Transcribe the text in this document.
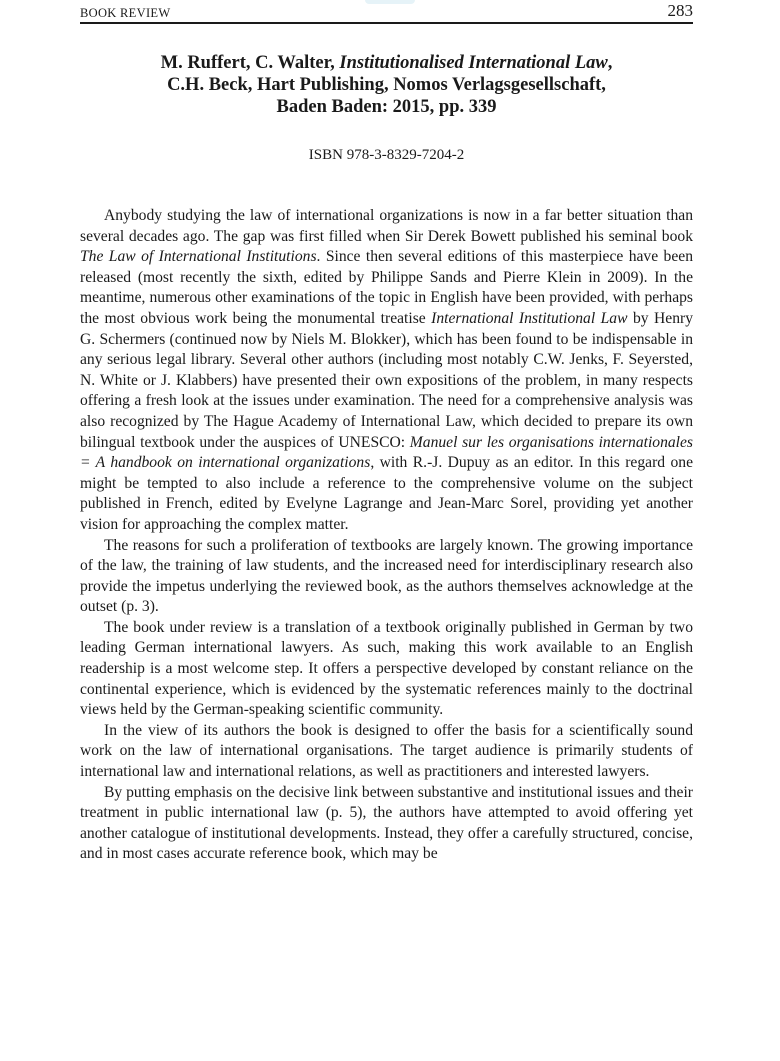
BOOK REVIEW	283
M. Ruffert, C. Walter, Institutionalised International Law,
C.H. Beck, Hart Publishing, Nomos Verlagsgesellschaft,
Baden Baden: 2015, pp. 339
ISBN 978-3-8329-7204-2

Anybody studying the law of international organizations is now in a far better situation than several decades ago. The gap was first filled when Sir Derek Bowett published his seminal book The Law of International Institutions. Since then several editions of this masterpiece have been released (most recently the sixth, edited by Philippe Sands and Pierre Klein in 2009). In the meantime, numerous other examinations of the topic in English have been provided, with perhaps the most obvious work being the monumental treatise International Institutional Law by Henry G. Schermers (continued now by Niels M. Blokker), which has been found to be indispensable in any serious legal library. Several other authors (including most notably C.W. Jenks, F. Seyersted, N. White or J. Klabbers) have presented their own expositions of the problem, in many respects offering a fresh look at the issues under examination. The need for a comprehensive analysis was also recognized by The Hague Academy of International Law, which decided to prepare its own bilingual textbook under the auspices of UNESCO: Manuel sur les organisations internationales = A handbook on international organizations, with R.-J. Dupuy as an editor. In this regard one might be tempted to also include a reference to the comprehensive volume on the subject published in French, edited by Evelyne Lagrange and Jean-Marc Sorel, providing yet another vision for approaching the complex matter.

The reasons for such a proliferation of textbooks are largely known. The growing importance of the law, the training of law students, and the increased need for interdisciplinary research also provide the impetus underlying the reviewed book, as the authors themselves acknowledge at the outset (p. 3).

The book under review is a translation of a textbook originally published in German by two leading German international lawyers. As such, making this work available to an English readership is a most welcome step. It offers a perspective developed by constant reliance on the continental experience, which is evidenced by the systematic references mainly to the doctrinal views held by the German-speaking scientific community.

In the view of its authors the book is designed to offer the basis for a scientifically sound work on the law of international organisations. The target audience is primarily students of international law and international relations, as well as practitioners and interested lawyers.

By putting emphasis on the decisive link between substantive and institutional issues and their treatment in public international law (p. 5), the authors have attempted to avoid offering yet another catalogue of institutional developments. Instead, they offer a carefully structured, concise, and in most cases accurate reference book, which may be
